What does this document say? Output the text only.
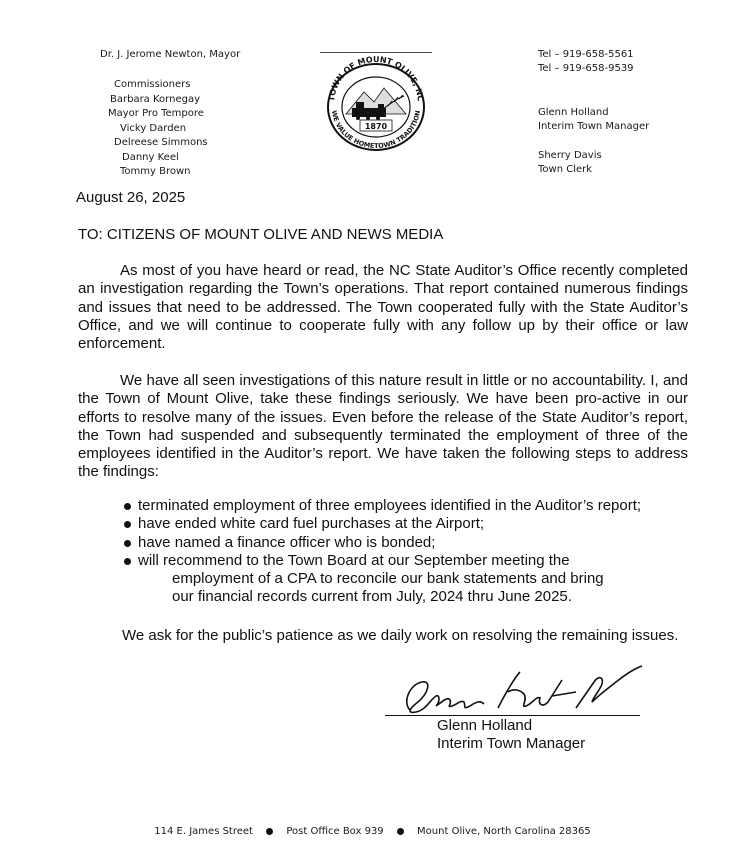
Dr. J. Jerome Newton, Mayor
Commissioners
Barbara Kornegay
Mayor Pro Tempore
Vicky Darden
Delreese Simmons
Danny Keel
Tommy Brown
TOWN OF MOUNT OLIVE, NC
WE VALUE HOMETOWN TRADITION
1870
Tel – 919-658-5561
Tel – 919-658-9539
Glenn Holland
Interim Town Manager
Sherry Davis
Town Clerk
August 26, 2025
TO: CITIZENS OF MOUNT OLIVE AND NEWS MEDIA
As most of you have heard or read, the NC State Auditor’s Office recently completed an investigation regarding the Town’s operations. That report contained numerous findings and issues that need to be addressed. The Town cooperated fully with the State Auditor’s Office, and we will continue to cooperate fully with any follow up by their office or law enforcement.
We have all seen investigations of this nature result in little or no accountability. I, and the Town of Mount Olive, take these findings seriously. We have been pro-active in our efforts to resolve many of the issues. Even before the release of the State Auditor’s report, the Town had suspended and subsequently terminated the employment of three of the employees identified in the Auditor’s report. We have taken the following steps to address the findings:
terminated employment of three employees identified in the Auditor’s report;
have ended white card fuel purchases at the Airport;
have named a finance officer who is bonded;
will recommend to the Town Board at our September meeting the
employment of a CPA to reconcile our bank statements and bring
our financial records current from July, 2024 thru June 2025.
We ask for the public’s patience as we daily work on resolving the remaining issues.
Glenn Holland
Interim Town Manager
114 E. James Street	Post Office Box 939	Mount Olive, North Carolina 28365
